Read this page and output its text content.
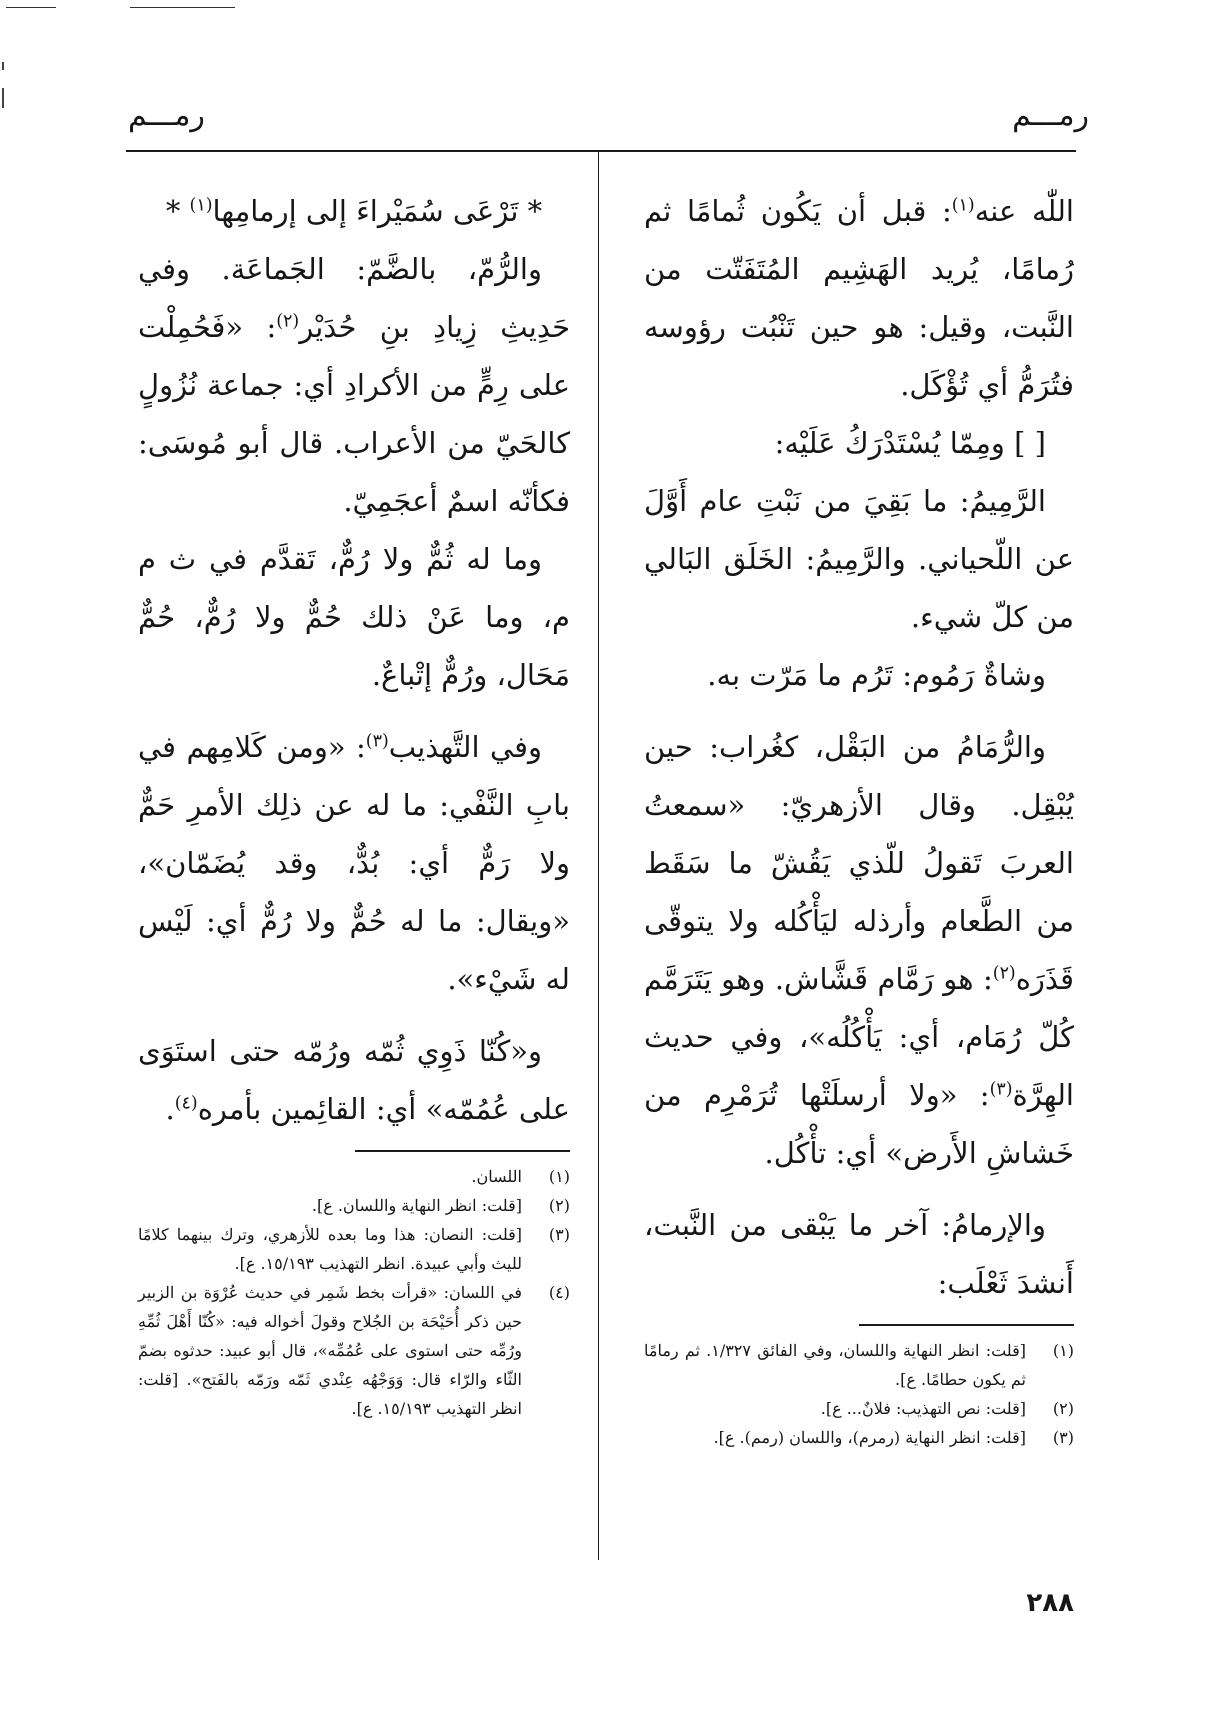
رمـــم
رمـــم

اللّٰه عنه$^{(١)}$: قبل أن يَكُون ثُمامًا ثم رُمامًا، يُريد الهَشِيم المُتَفَتّت من النَّبت، وقيل: هو حين تَنْبُت رؤوسه فتُرَمُّ أي تُؤْكَل.

[ ] ومِمّا يُسْتَدْرَكُ عَلَيْه:

الرَّمِيمُ: ما بَقِيَ من نَبْتِ عام أَوَّلَ عن اللّحياني. والرَّمِيمُ: الخَلَق البَالي من كلّ شيء.

وشاةٌ رَمُوم: تَرُم ما مَرّت به.

والرُّمَامُ من البَقْل، كغُراب: حين يُبْقِل. وقال الأزهريّ: «سمعتُ العربَ تَقولُ للّذي يَقُشّ ما سَقَط من الطَّعام وأرذله ليَأْكُله ولا يتوقّى قَذَرَه$^{(٢)}$: هو رَمَّام قَشَّاش. وهو يَتَرَمَّم كُلّ رُمَام، أي: يَأْكُلُه»، وفي حديث الهِرَّة$^{(٣)}$: «ولا أرسلَتْها تُرَمْرِم من خَشاشِ الأَرض» أي: تأْكُل.

والإرمامُ: آخر ما يَبْقى من النَّبت، أَنشدَ ثَعْلَب:

(١)
[قلت: انظر النهاية واللسان، وفي الفائق ١/٣٢٧. ثم رمامًا ثم يكون حطامًا. ع].

(٢)
[قلت: نص التهذيب: فلانٌ... ع].

(٣)
[قلت: انظر النهاية (رمرم)، واللسان (رمم). ع].

* تَرْعَى سُمَيْراءَ إلى إرمامِها$^{(١)}$ *

والرُّمّ، بالضَّمّ: الجَماعَة. وفي حَدِيثِ زِيادِ بنِ حُدَيْر$^{(٢)}$: «فَحُمِلْت على رِمٍّ من الأكرادِ أي: جماعة نُزُولٍ كالحَيّ من الأعراب. قال أبو مُوسَى: فكأنّه اسمٌ أعجَمِيّ.

وما له ثُمٌّ ولا رُمٌّ، تَقدَّم في ث م م، وما عَنْ ذلك حُمٌّ ولا رُمٌّ، حُمٌّ مَحَال، ورُمٌّ إتْباعٌ.

وفي التَّهذيب$^{(٣)}$: «ومن كَلامِهم في بابِ النَّفْي: ما له عن ذلِك الأمرِ حَمٌّ ولا رَمٌّ أي: بُدٌّ، وقد يُضَمّان»، «ويقال: ما له حُمٌّ ولا رُمٌّ أي: لَيْس له شَيْء».

و«كُنّا ذَوِي ثُمّه ورُمّه حتى استَوَى على عُمُمّه» أي: القائِمين بأمره$^{(٤)}$.

(١)
اللسان.

(٢)
[قلت: انظر النهاية واللسان. ع].

(٣)
[قلت: النصان: هذا وما بعده للأزهري، وترك بينهما كلامًا لليث وأبي عبيدة. انظر التهذيب ١٥/١٩٣. ع].

(٤)
في اللسان: «قرأت بخط شَمِر في حديث عُرْوَة بن الزبير حين ذكر أُحَيْحَة بن الجُلاح وقولَ أخواله فيه: «كُنّا أَهْلَ ثُمِّهِ ورُمِّه حتى استوى على عُمُمِّه»، قال أبو عبيد: حدثوه بضمّ الثّاء والرّاء قال: وَوَجْهُه عِنْدي ثَمّه ورَمّه بالفَتح». [قلت: انظر التهذيب ١٥/١٩٣. ع].

٢٨٨
